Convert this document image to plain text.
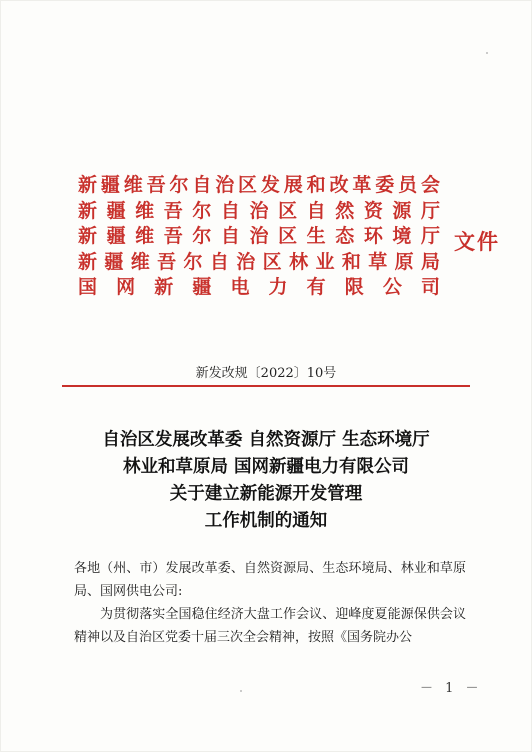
新疆维吾尔自治区发展和改革委员会
新疆维吾尔自治区自然资源厅
新疆维吾尔自治区生态环境厅
新疆维吾尔自治区林业和草原局
国网新疆电力有限公司
文件
新发改规〔2022〕10号
自治区发展改革委 自然资源厅 生态环境厅
林业和草原局 国网新疆电力有限公司
关于建立新能源开发管理
工作机制的通知

各地（州、市）发展改革委、自然资源局、生态环境局、林业和草原局、国网供电公司:

为贯彻落实全国稳住经济大盘工作会议、迎峰度夏能源保供会议精神以及自治区党委十届三次全会精神，按照《国务院办公

－ 1 －
